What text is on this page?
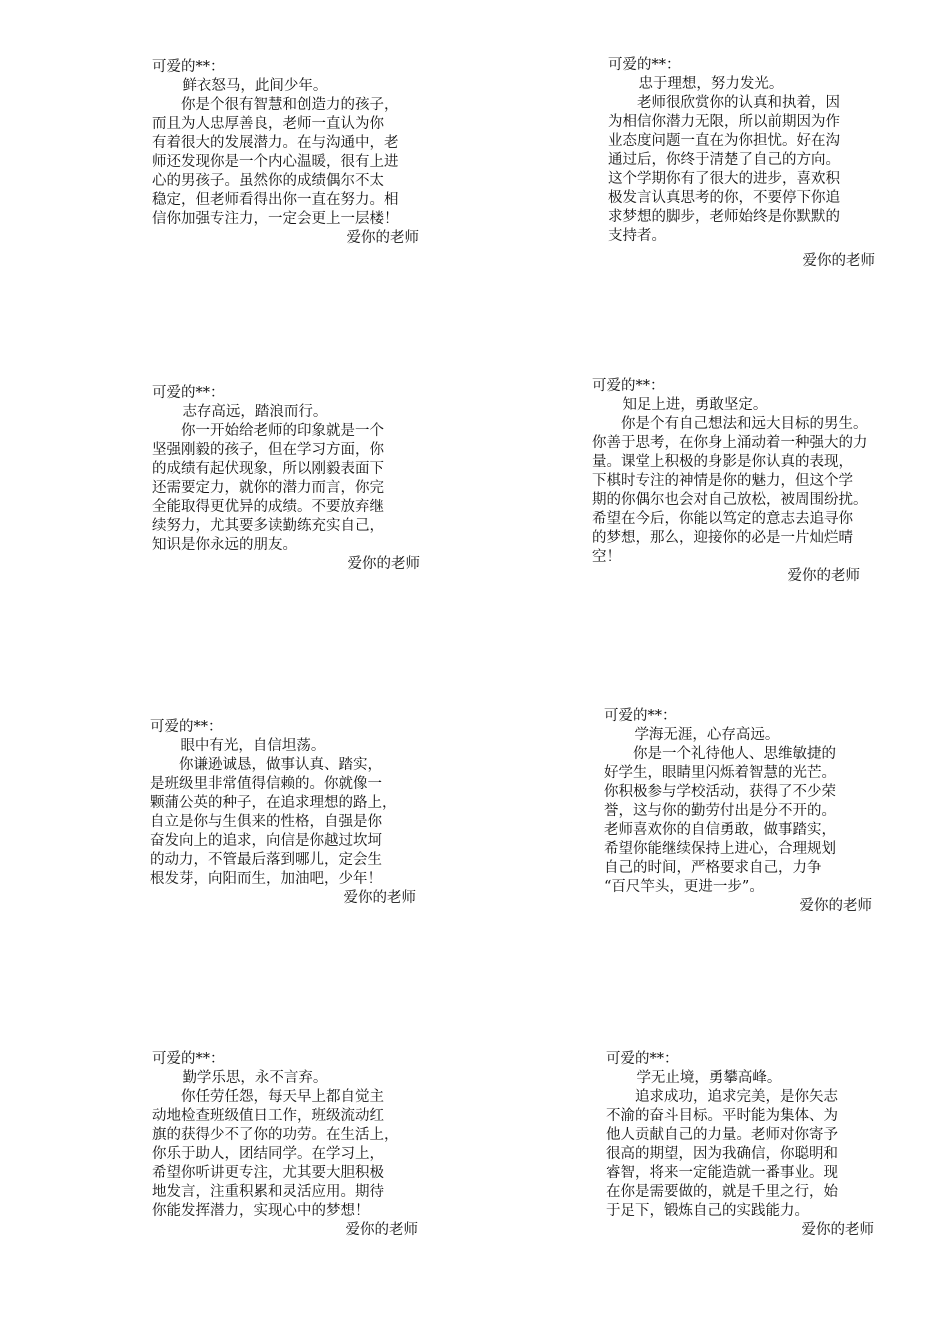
可爱的**：
鲜衣怒马，此间少年。
　　你是个很有智慧和创造力的孩子，
而且为人忠厚善良，老师一直认为你
有着很大的发展潜力。在与沟通中，老
师还发现你是一个内心温暖，很有上进
心的男孩子。虽然你的成绩偶尔不太
稳定，但老师看得出你一直在努力。相
信你加强专注力，一定会更上一层楼！
爱你的老师
可爱的**：
忠于理想，努力发光。
　　老师很欣赏你的认真和执着，因
为相信你潜力无限，所以前期因为作
业态度问题一直在为你担忧。好在沟
通过后，你终于清楚了自己的方向。
这个学期你有了很大的进步，喜欢积
极发言认真思考的你，不要停下你追
求梦想的脚步，老师始终是你默默的
支持者。
爱你的老师
可爱的**：
志存高远，踏浪而行。
　　你一开始给老师的印象就是一个
坚强刚毅的孩子，但在学习方面，你
的成绩有起伏现象，所以刚毅表面下
还需要定力，就你的潜力而言，你完
全能取得更优异的成绩。不要放弃继
续努力，尤其要多读勤练充实自己，
知识是你永远的朋友。
爱你的老师
可爱的**：
知足上进，勇敢坚定。
　　你是个有自己想法和远大目标的男生。
你善于思考，在你身上涌动着一种强大的力
量。课堂上积极的身影是你认真的表现，
下棋时专注的神情是你的魅力，但这个学
期的你偶尔也会对自己放松，被周围纷扰。
希望在今后，你能以笃定的意志去追寻你
的梦想，那么，迎接你的必是一片灿烂晴
空！
爱你的老师
可爱的**：
眼中有光，自信坦荡。
　　你谦逊诚恳，做事认真、踏实，
是班级里非常值得信赖的。你就像一
颗蒲公英的种子，在追求理想的路上，
自立是你与生俱来的性格，自强是你
奋发向上的追求，向信是你越过坎坷
的动力，不管最后落到哪儿，定会生
根发芽，向阳而生，加油吧，少年！
爱你的老师
可爱的**：
学海无涯，心存高远。
　　你是一个礼待他人、思维敏捷的
好学生，眼睛里闪烁着智慧的光芒。
你积极参与学校活动，获得了不少荣
誉，这与你的勤劳付出是分不开的。
老师喜欢你的自信勇敢，做事踏实，
希望你能继续保持上进心，合理规划
自己的时间，严格要求自己，力争
“百尺竿头，更进一步”。
爱你的老师
可爱的**：
勤学乐思，永不言弃。
　　你任劳任怨，每天早上都自觉主
动地检查班级值日工作，班级流动红
旗的获得少不了你的功劳。在生活上，
你乐于助人，团结同学。在学习上，
希望你听讲更专注，尤其要大胆积极
地发言，注重积累和灵活应用。期待
你能发挥潜力，实现心中的梦想！
爱你的老师
可爱的**：
学无止境，勇攀高峰。
　　追求成功，追求完美，是你矢志
不渝的奋斗目标。平时能为集体、为
他人贡献自己的力量。老师对你寄予
很高的期望，因为我确信，你聪明和
睿智，将来一定能造就一番事业。现
在你是需要做的，就是千里之行，始
于足下，锻炼自己的实践能力。
爱你的老师
